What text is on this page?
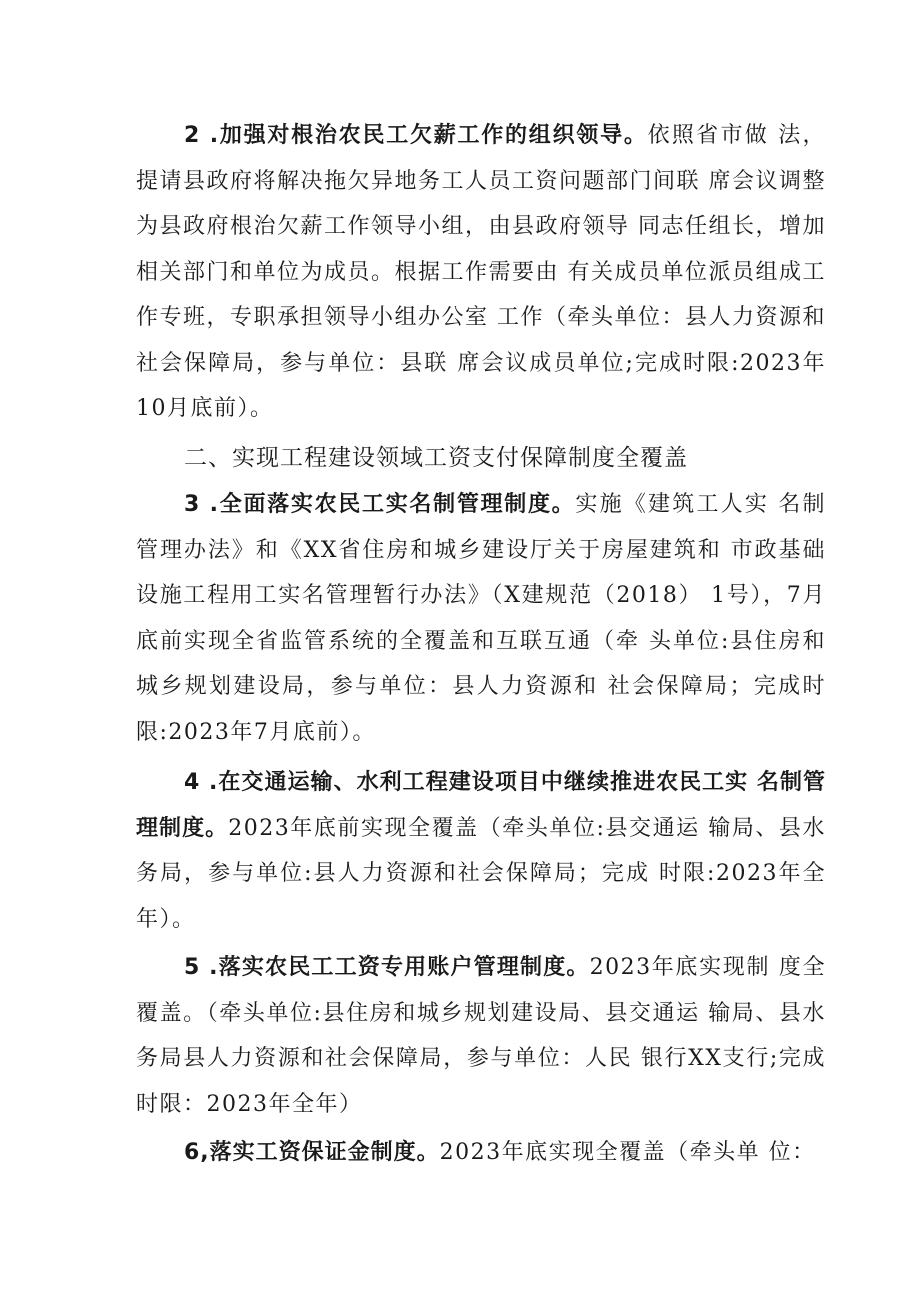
2 .加强对根治农民工欠薪工作的组织领导。依照省市做 法，提请县政府将解决拖欠异地务工人员工资问题部门间联 席会议调整为县政府根治欠薪工作领导小组，由县政府领导 同志任组长，增加相关部门和单位为成员。根据工作需要由 有关成员单位派员组成工作专班，专职承担领导小组办公室 工作（牵头单位：县人力资源和社会保障局，参与单位：县联 席会议成员单位;完成时限:2023年10月底前）。

二、实现工程建设领域工资支付保障制度全覆盖

3 .全面落实农民工实名制管理制度。实施《建筑工人实 名制管理办法》和《XX省住房和城乡建设厅关于房屋建筑和 市政基础设施工程用工实名管理暂行办法》（X建规范（2018） 1号），7月底前实现全省监管系统的全覆盖和互联互通（牵 头单位:县住房和城乡规划建设局，参与单位：县人力资源和 社会保障局；完成时限:2023年7月底前）。

4 .在交通运输、水利工程建设项目中继续推进农民工实 名制管理制度。2023年底前实现全覆盖（牵头单位:县交通运 输局、县水务局，参与单位:县人力资源和社会保障局；完成 时限:2023年全年）。

5 .落实农民工工资专用账户管理制度。2023年底实现制 度全覆盖。（牵头单位:县住房和城乡规划建设局、县交通运 输局、县水务局县人力资源和社会保障局，参与单位：人民 银行XX支行;完成时限：2023年全年）

6,落实工资保证金制度。2023年底实现全覆盖（牵头单 位：
